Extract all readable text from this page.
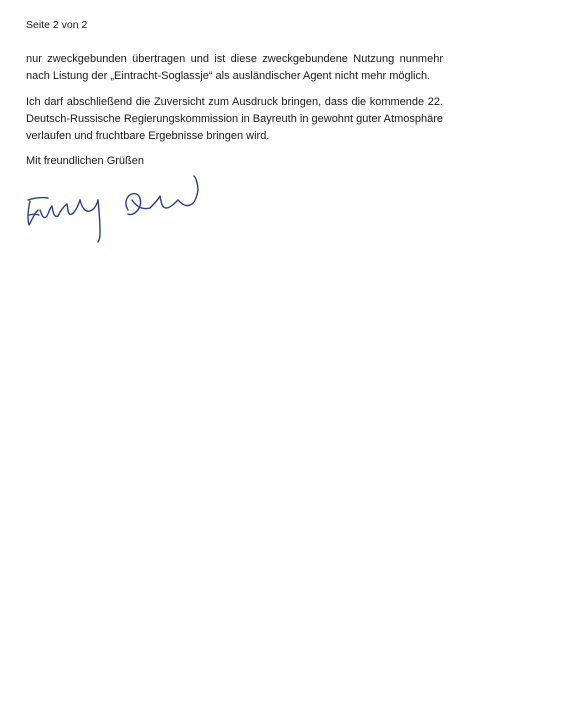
Seite 2 von 2
nur zweckgebunden übertragen und ist diese zweckgebundene Nutzung nunmehr nach Listung der „Eintracht-Soglassje“ als ausländischer Agent nicht mehr möglich.
Ich darf abschließend die Zuversicht zum Ausdruck bringen, dass die kommende 22. Deutsch-Russische Regierungskommission in Bayreuth in gewohnt guter Atmosphäre verlaufen und fruchtbare Ergebnisse bringen wird.
Mit freundlichen Grüßen
